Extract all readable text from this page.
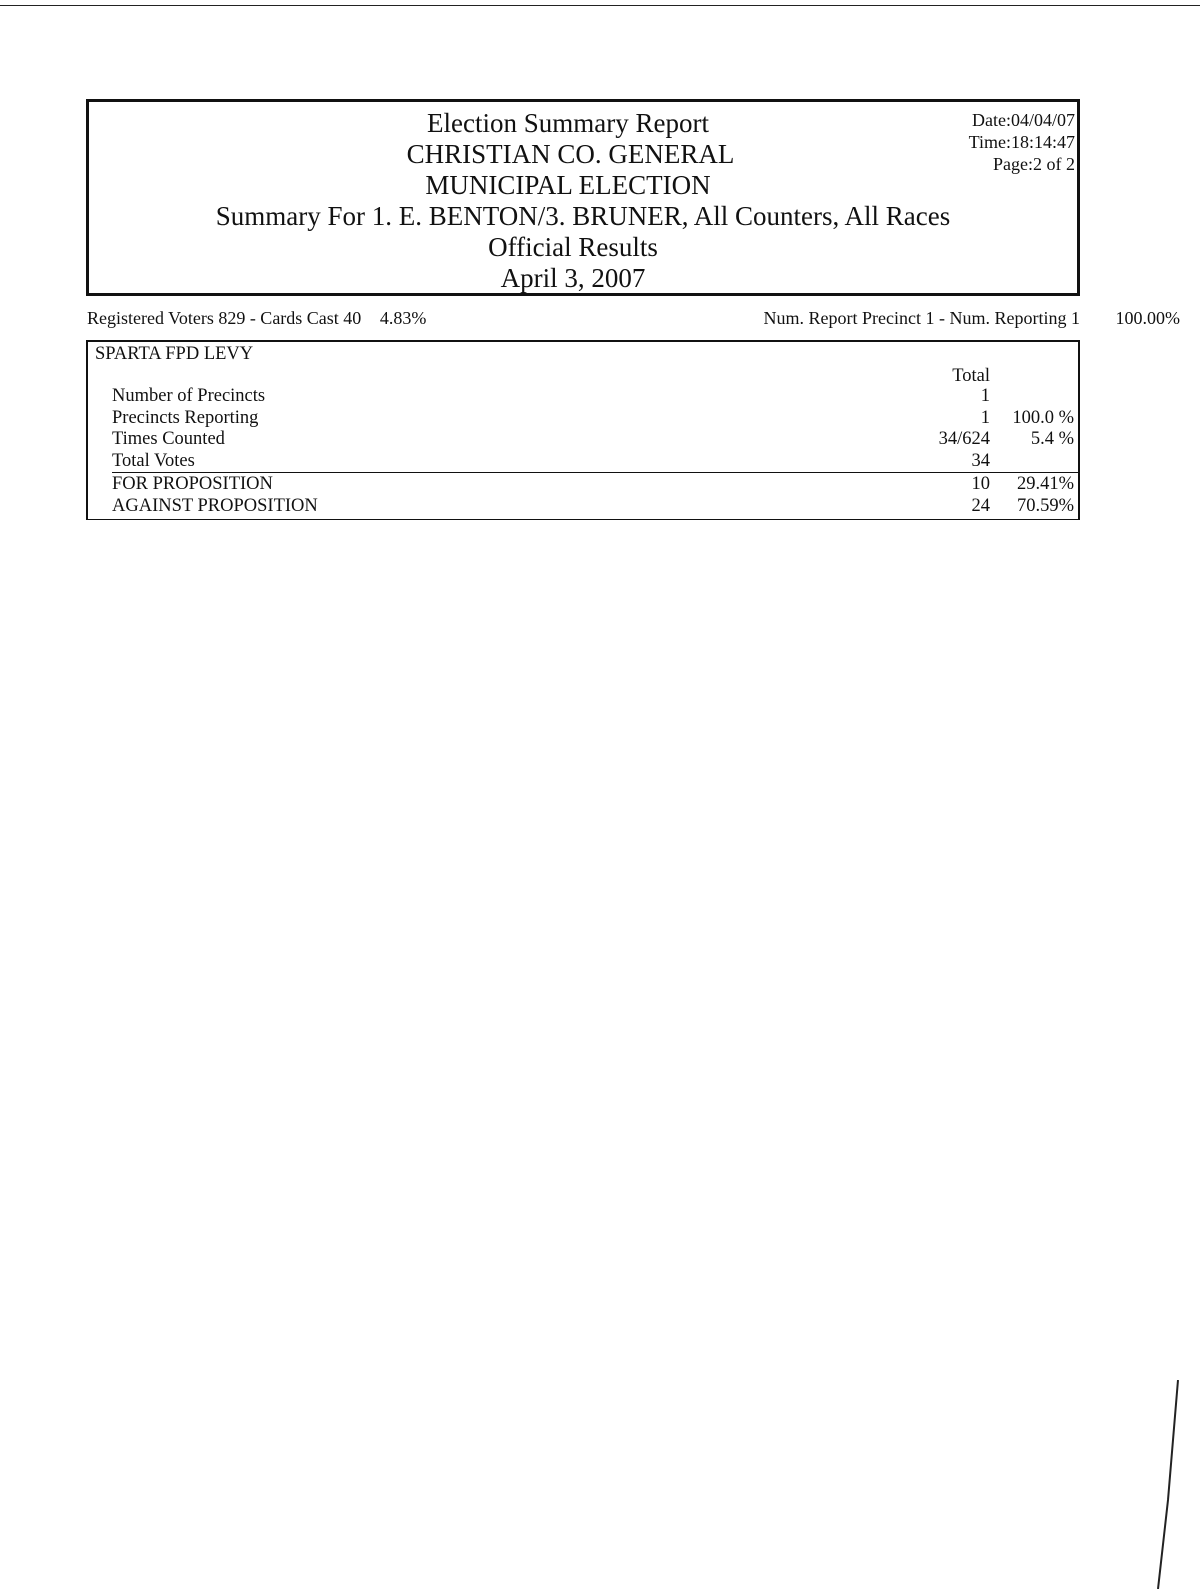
Election Summary Report
CHRISTIAN CO. GENERAL
MUNICIPAL ELECTION
Summary For 1. E. BENTON/3. BRUNER, All Counters, All Races
Official Results
April 3, 2007
Date:04/04/07
Time:18:14:47
Page:2 of 2
Registered Voters 829 - Cards Cast 40 4.83%	Num. Report Precinct 1 - Num. Reporting 1 100.00%
SPARTA FPD LEVY
Total
Number of Precincts	1
Precincts Reporting	1 100.0 %
Times Counted	34/624 5.4 %
Total Votes	34
FOR PROPOSITION	10 29.41%
AGAINST PROPOSITION	24 70.59%
